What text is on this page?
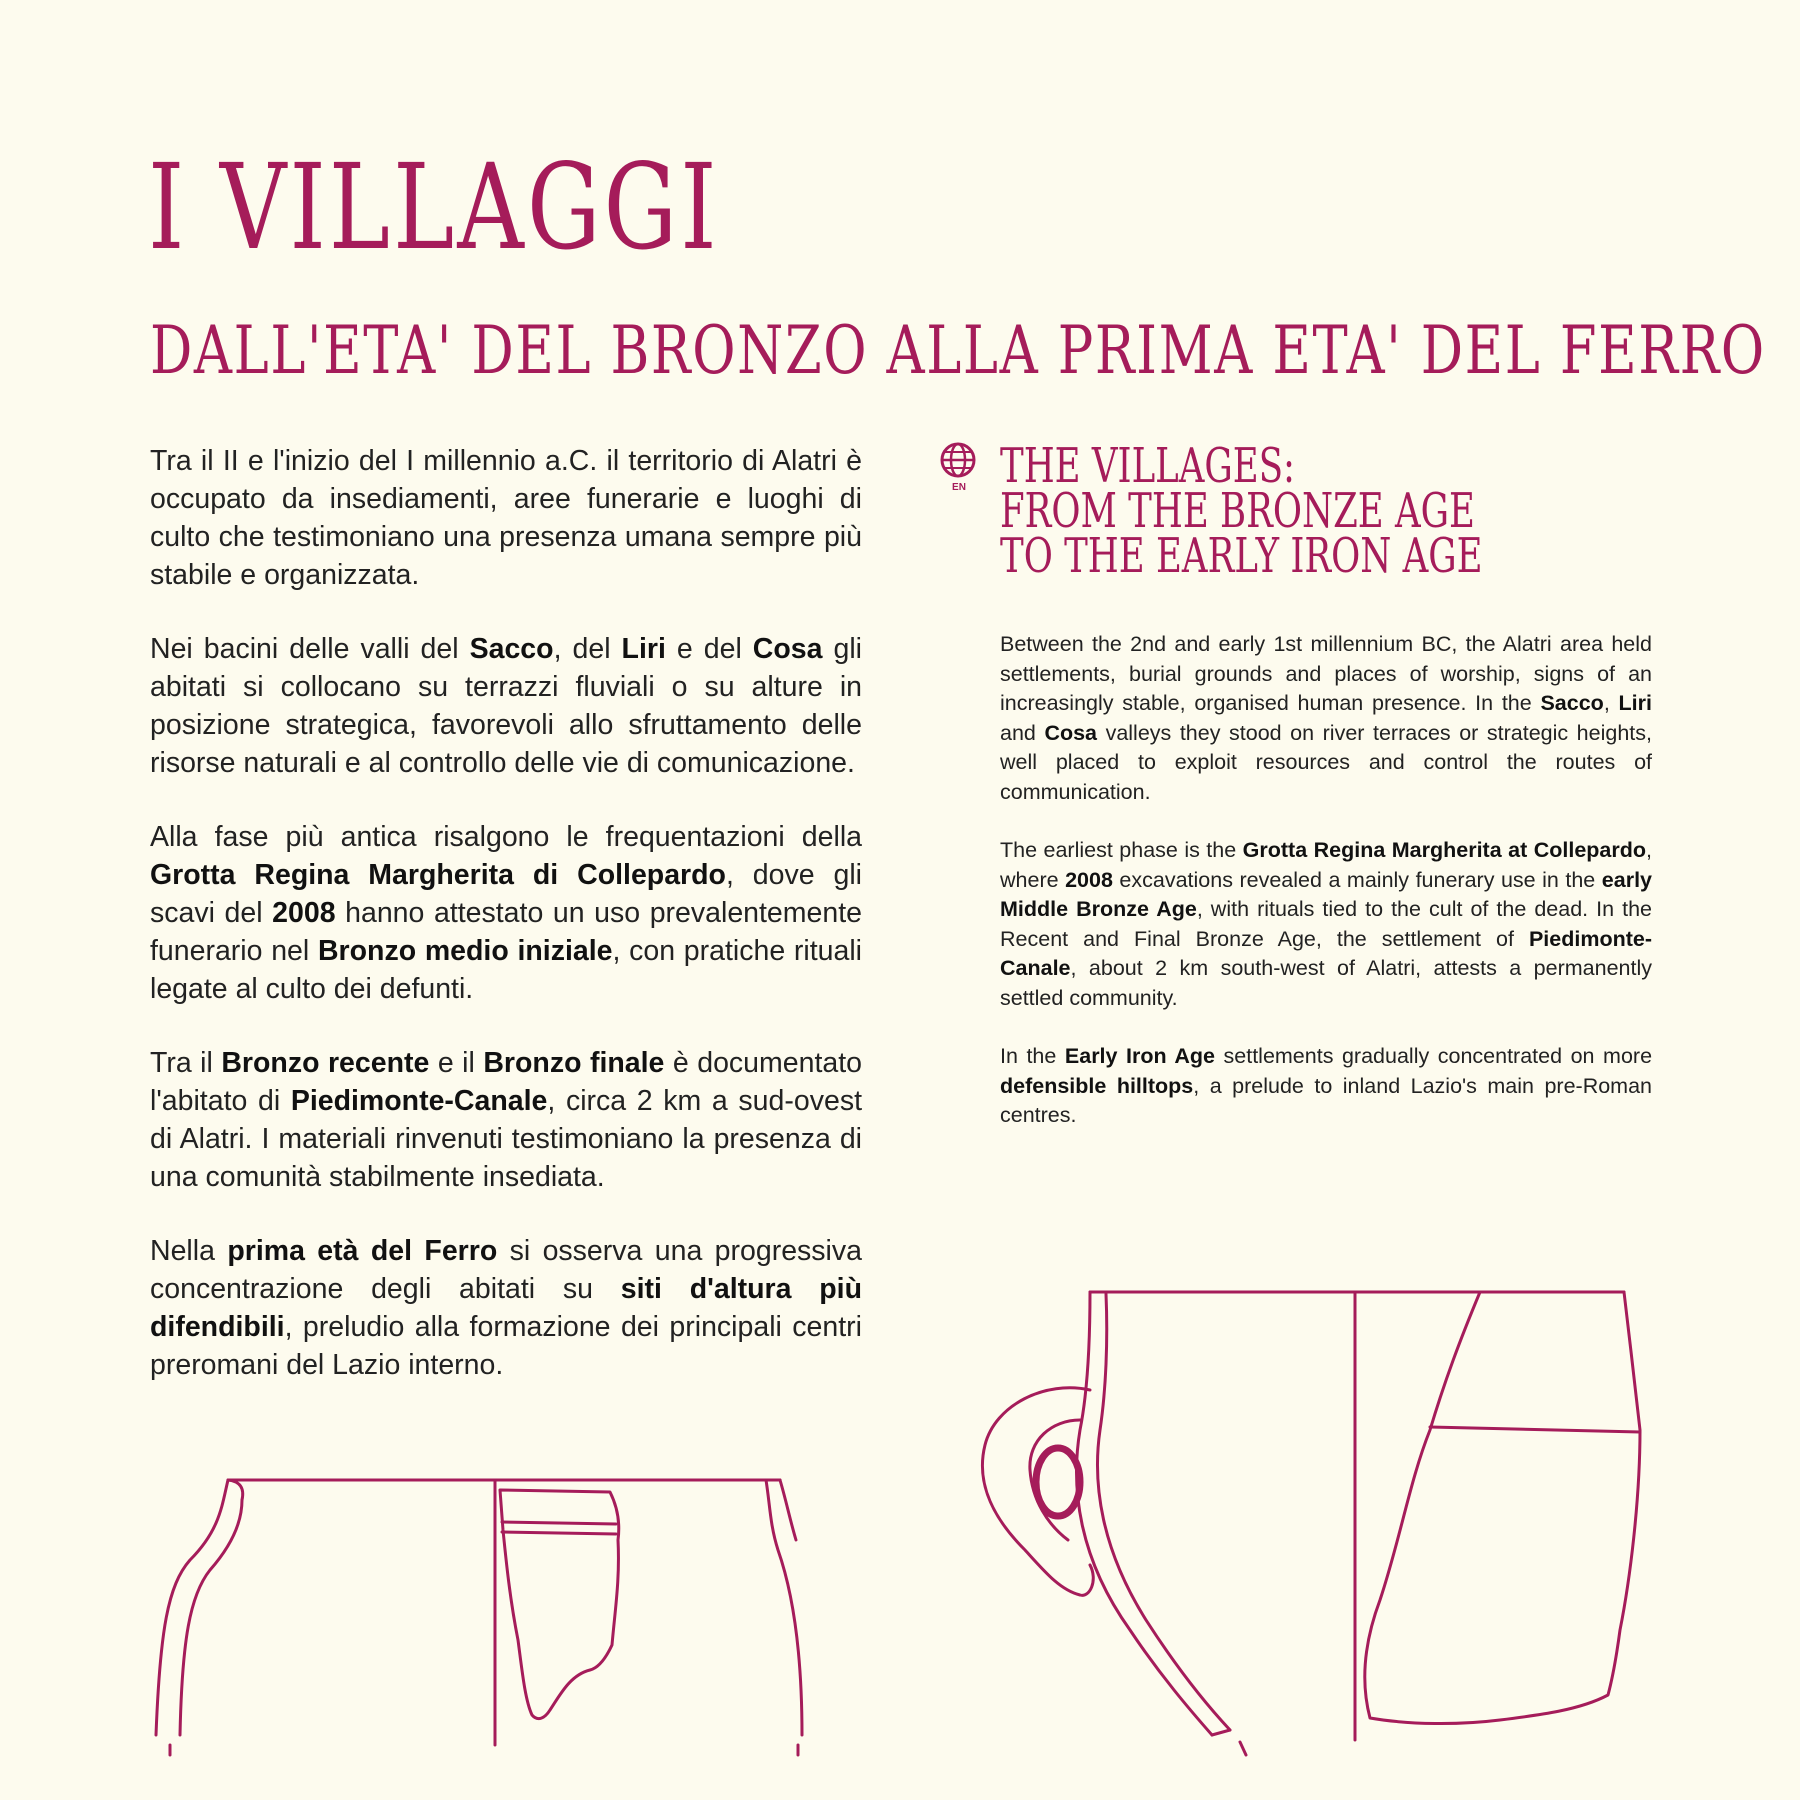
I VILLAGGI
DALL'ETA' DEL BRONZO ALLA PRIMA ETA' DEL FERRO

Tra il II e l'inizio del I millennio a.C. il territorio di Alatri è occupato da insediamenti, aree funerarie e luoghi di culto che testimoniano una presenza umana sempre più stabile e organizzata.

Nei bacini delle valli del Sacco, del Liri e del Cosa gli abitati si collocano su terrazzi fluviali o su alture in posizione strategica, favorevoli allo sfruttamento delle risorse naturali e al controllo delle vie di comunicazione.

Alla fase più antica risalgono le frequentazioni della Grotta Regina Margherita di Collepardo, dove gli scavi del 2008 hanno attestato un uso prevalentemente funerario nel Bronzo medio iniziale, con pratiche rituali legate al culto dei defunti.

Tra il Bronzo recente e il Bronzo finale è documentato l'abitato di Piedimonte-Canale, circa 2 km a sud-ovest di Alatri. I materiali rinvenuti testimoniano la presenza di una comunità stabilmente insediata.

Nella prima età del Ferro si osserva una progressiva concentrazione degli abitati su siti d'altura più difendibili, preludio alla formazione dei principali centri preromani del Lazio interno.

EN THE VILLAGES:
FROM THE BRONZE AGE
TO THE EARLY IRON AGE

Between the 2nd and early 1st millennium BC, the Alatri area held settlements, burial grounds and places of worship, signs of an increasingly stable, organised human presence. In the Sacco, Liri and Cosa valleys they stood on river terraces or strategic heights, well placed to exploit resources and control the routes of communication.

The earliest phase is the Grotta Regina Margherita at Collepardo, where 2008 excavations revealed a mainly funerary use in the early Middle Bronze Age, with rituals tied to the cult of the dead. In the Recent and Final Bronze Age, the settlement of Piedimonte-Canale, about 2 km south-west of Alatri, attests a permanently settled community.

In the Early Iron Age settlements gradually concentrated on more defensible hilltops, a prelude to inland Lazio's main pre-Roman centres.
